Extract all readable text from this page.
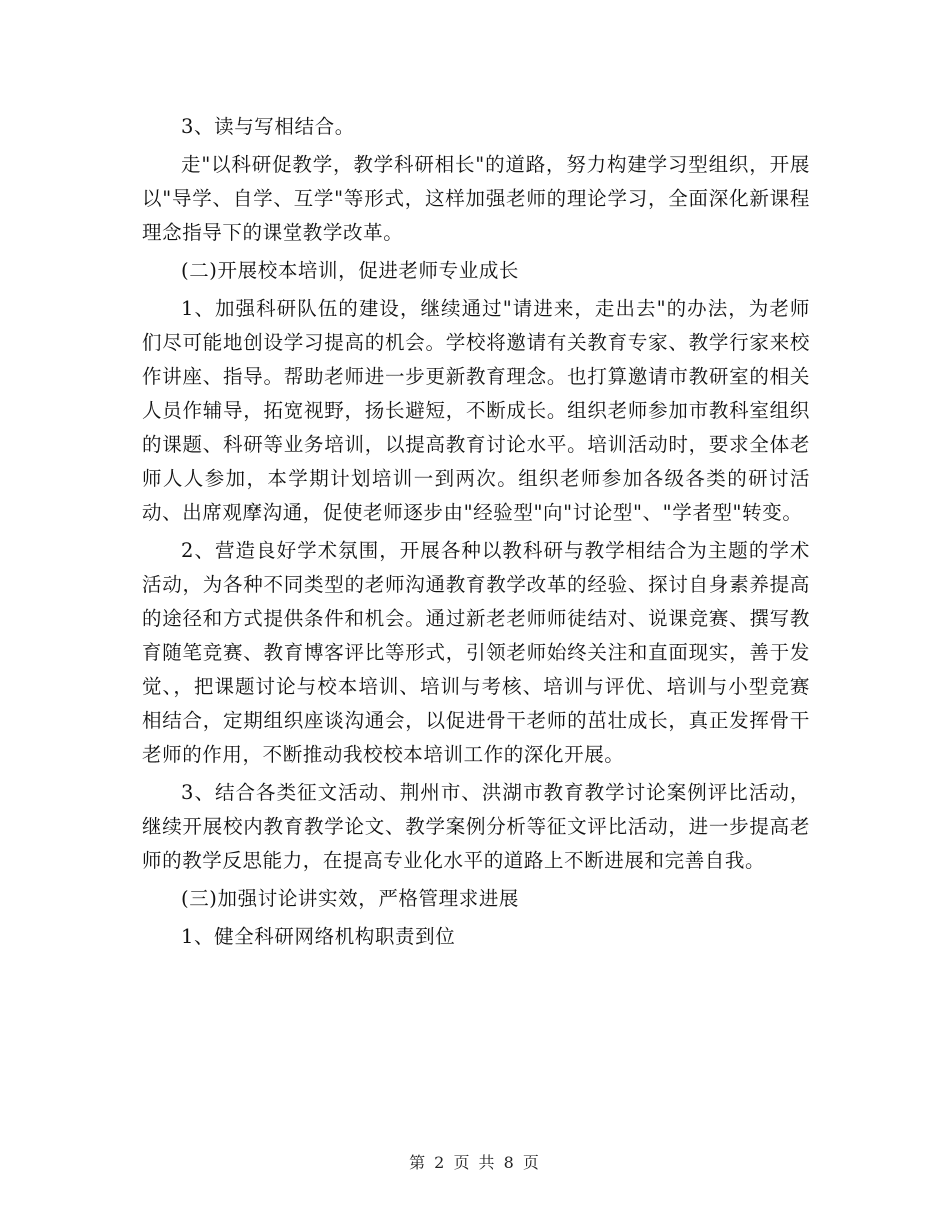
3、读与写相结合。

走"以科研促教学，教学科研相长"的道路，努力构建学习型组织，开展以"导学、自学、互学"等形式，这样加强老师的理论学习，全面深化新课程理念指导下的课堂教学改革。

(二)开展校本培训，促进老师专业成长

1、加强科研队伍的建设，继续通过"请进来，走出去"的办法，为老师们尽可能地创设学习提高的机会。学校将邀请有关教育专家、教学行家来校作讲座、指导。帮助老师进一步更新教育理念。也打算邀请市教研室的相关人员作辅导，拓宽视野，扬长避短，不断成长。组织老师参加市教科室组织的课题、科研等业务培训，以提高教育讨论水平。培训活动时，要求全体老师人人参加，本学期计划培训一到两次。组织老师参加各级各类的研讨活动、出席观摩沟通，促使老师逐步由"经验型"向"讨论型"、"学者型"转变。

2、营造良好学术氛围，开展各种以教科研与教学相结合为主题的学术活动，为各种不同类型的老师沟通教育教学改革的经验、探讨自身素养提高的途径和方式提供条件和机会。通过新老老师师徒结对、说课竞赛、撰写教育随笔竞赛、教育博客评比等形式，引领老师始终关注和直面现实，善于发觉、，把课题讨论与校本培训、培训与考核、培训与评优、培训与小型竞赛相结合，定期组织座谈沟通会，以促进骨干老师的茁壮成长，真正发挥骨干老师的作用，不断推动我校校本培训工作的深化开展。

3、结合各类征文活动、荆州市、洪湖市教育教学讨论案例评比活动，继续开展校内教育教学论文、教学案例分析等征文评比活动，进一步提高老师的教学反思能力，在提高专业化水平的道路上不断进展和完善自我。

(三)加强讨论讲实效，严格管理求进展

1、健全科研网络机构职责到位

第 2 页 共 8 页
